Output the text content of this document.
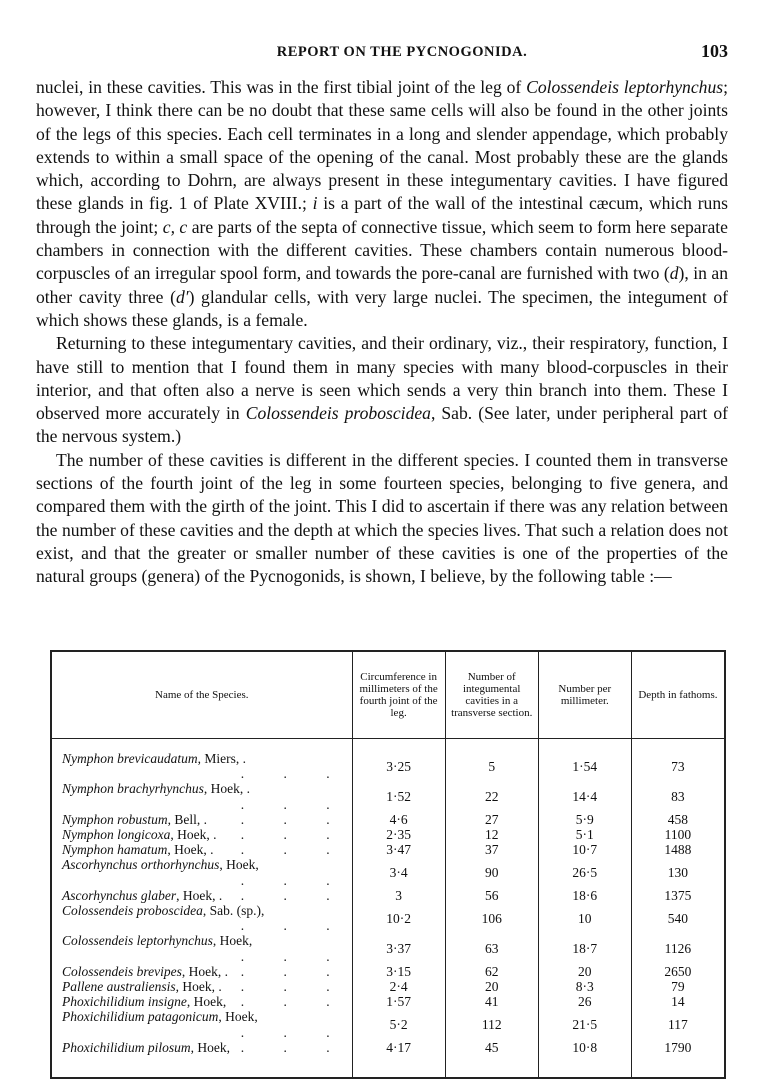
REPORT ON THE PYCNOGONIDA.	103

nuclei, in these cavities. This was in the first tibial joint of the leg of Colossendeis leptorhynchus; however, I think there can be no doubt that these same cells will also be found in the other joints of the legs of this species. Each cell terminates in a long and slender appendage, which probably extends to within a small space of the opening of the canal. Most probably these are the glands which, according to Dohrn, are always present in these integumentary cavities. I have figured these glands in fig. 1 of Plate XVIII.; i is a part of the wall of the intestinal cæcum, which runs through the joint; c, c are parts of the septa of connective tissue, which seem to form here separate chambers in connection with the different cavities. These chambers contain numerous blood-corpuscles of an irregular spool form, and towards the pore-canal are furnished with two (d), in an other cavity three (d′) glandular cells, with very large nuclei. The specimen, the integument of which shows these glands, is a female.

Returning to these integumentary cavities, and their ordinary, viz., their respiratory, function, I have still to mention that I found them in many species with many blood-corpuscles in their interior, and that often also a nerve is seen which sends a very thin branch into them. These I observed more accurately in Colossendeis proboscidea, Sab. (See later, under peripheral part of the nervous system.)

The number of these cavities is different in the different species. I counted them in transverse sections of the fourth joint of the leg in some fourteen species, belonging to five genera, and compared them with the girth of the joint. This I did to ascertain if there was any relation between the number of these cavities and the depth at which the species lives. That such a relation does not exist, and that the greater or smaller number of these cavities is one of the properties of the natural groups (genera) of the Pycnogonids, is shown, I believe, by the following table :—

Name of the Species.	Circumference in millimeters of the fourth joint of the leg.	Number of integumental cavities in a transverse section.	Number per millimeter.	Depth in fathoms.
Nymphon brevicaudatum, Miers, .
. . .	3·25	5	1·54	73
Nymphon brachyrhynchus, Hoek, .
. . .	1·52	22	14·4	83
Nymphon robustum, Bell, . . . .	4·6	27	5·9	458
Nymphon longicoxa, Hoek, . . . .	2·35	12	5·1	1100
Nymphon hamatum, Hoek, . . . .	3·47	37	10·7	1488
Ascorhynchus orthorhynchus, Hoek,
. . .	3·4	90	26·5	130
Ascorhynchus glaber, Hoek, . . . .	3	56	18·6	1375
Colossendeis proboscidea, Sab. (sp.),
. . .	10·2	106	10	540
Colossendeis leptorhynchus, Hoek,
. . .	3·37	63	18·7	1126
Colossendeis brevipes, Hoek, . . . .	3·15	62	20	2650
Pallene australiensis, Hoek, . . . .	2·4	20	8·3	79
Phoxichilidium insigne, Hoek, . . .	1·57	41	26	14
Phoxichilidium patagonicum, Hoek,
. . .	5·2	112	21·5	117
Phoxichilidium pilosum, Hoek, . . .	4·17	45	10·8	1790
